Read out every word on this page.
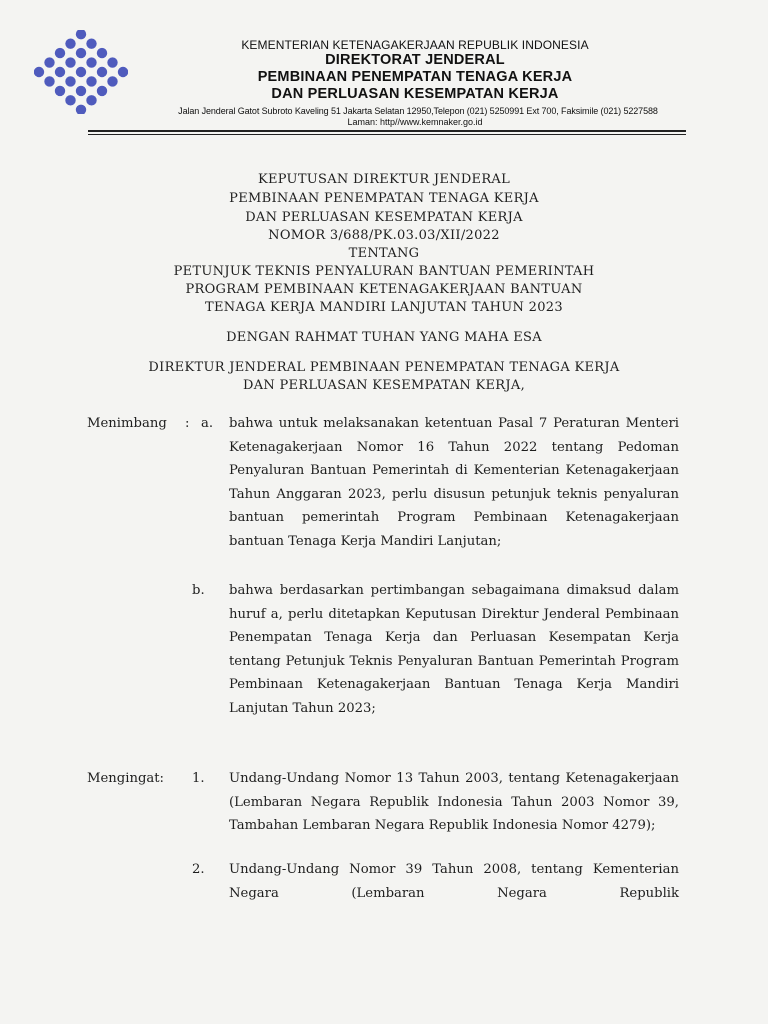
KEMENTERIAN KETENAGAKERJAAN REPUBLIK INDONESIA
DIREKTORAT JENDERAL
PEMBINAAN PENEMPATAN TENAGA KERJA
DAN PERLUASAN KESEMPATAN KERJA
Jalan Jenderal Gatot Subroto Kaveling 51 Jakarta Selatan 12950,Telepon (021) 5250991 Ext 700, Faksimile (021) 5227588
Laman: http//www.kemnaker.go.id
KEPUTUSAN DIREKTUR JENDERAL
PEMBINAAN PENEMPATAN TENAGA KERJA
DAN PERLUASAN KESEMPATAN KERJA
NOMOR 3/688/PK.03.03/XII/2022
TENTANG
PETUNJUK TEKNIS PENYALURAN BANTUAN PEMERINTAH
PROGRAM PEMBINAAN KETENAGAKERJAAN BANTUAN
TENAGA KERJA MANDIRI LANJUTAN TAHUN 2023
DENGAN RAHMAT TUHAN YANG MAHA ESA
DIREKTUR JENDERAL PEMBINAAN PENEMPATAN TENAGA KERJA
DAN PERLUASAN KESEMPATAN KERJA,
Menimbang : a. bahwa untuk melaksanakan ketentuan Pasal 7 Peraturan Menteri Ketenagakerjaan Nomor 16 Tahun 2022 tentang Pedoman Penyaluran Bantuan Pemerintah di Kementerian Ketenagakerjaan Tahun Anggaran 2023, perlu disusun petunjuk teknis penyaluran bantuan pemerintah Program Pembinaan Ketenagakerjaan bantuan Tenaga Kerja Mandiri Lanjutan;
b. bahwa berdasarkan pertimbangan sebagaimana dimaksud dalam huruf a, perlu ditetapkan Keputusan Direktur Jenderal Pembinaan Penempatan Tenaga Kerja dan Perluasan Kesempatan Kerja tentang Petunjuk Teknis Penyaluran Bantuan Pemerintah Program Pembinaan Ketenagakerjaan Bantuan Tenaga Kerja Mandiri Lanjutan Tahun 2023;
Mengingat: 1. Undang-Undang Nomor 13 Tahun 2003, tentang Ketenagakerjaan (Lembaran Negara Republik Indonesia Tahun 2003 Nomor 39, Tambahan Lembaran Negara Republik Indonesia Nomor 4279);
2. Undang-Undang Nomor 39 Tahun 2008, tentang Kementerian Negara (Lembaran Negara Republik
